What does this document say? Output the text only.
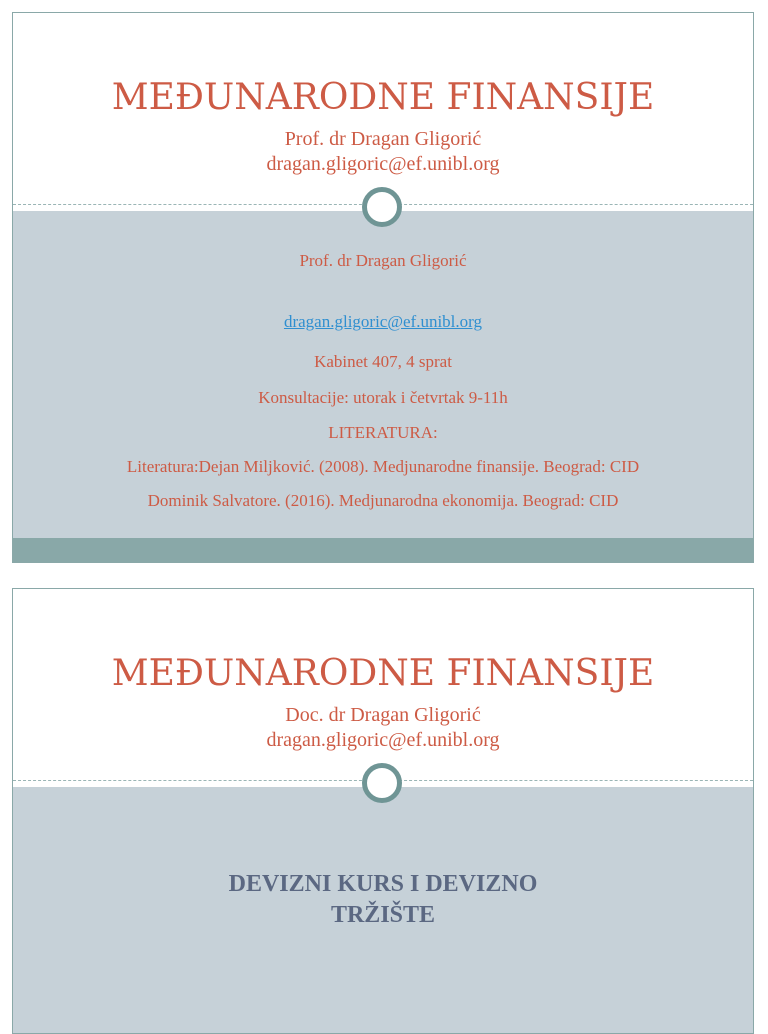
MEĐUNARODNE FINANSIJE

Prof. dr Dragan Gligorić

dragan.gligoric@ef.unibl.org

Prof. dr Dragan Gligorić

dragan.gligoric@ef.unibl.org

Kabinet 407, 4 sprat

Konsultacije: utorak i četvrtak 9-11h

LITERATURA:

Literatura:Dejan Miljković. (2008). Medjunarodne finansije. Beograd: CID

Dominik Salvatore. (2016). Medjunarodna ekonomija. Beograd: CID

MEĐUNARODNE FINANSIJE

Doc. dr Dragan Gligorić

dragan.gligoric@ef.unibl.org

DEVIZNI KURS I DEVIZNO

TRŽIŠTE
